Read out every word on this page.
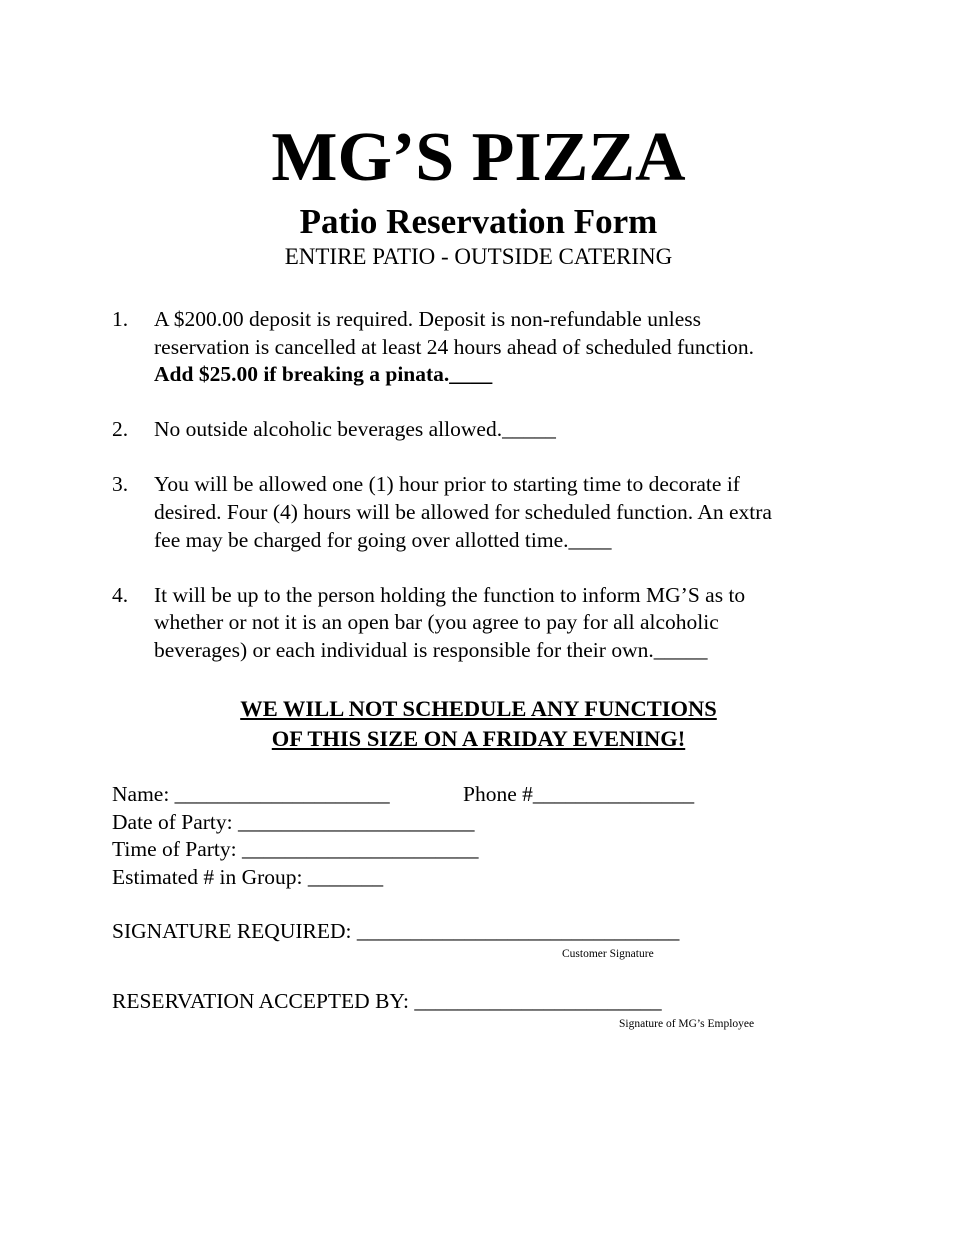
MG’S PIZZA
Patio Reservation Form
ENTIRE PATIO - OUTSIDE CATERING
1. A $200.00 deposit is required. Deposit is non-refundable unless
reservation is cancelled at least 24 hours ahead of scheduled function.
Add $25.00 if breaking a pinata.____
2. No outside alcoholic beverages allowed._____
3. You will be allowed one (1) hour prior to starting time to decorate if
desired. Four (4) hours will be allowed for scheduled function. An extra
fee may be charged for going over allotted time.____
4. It will be up to the person holding the function to inform MG’S as to
whether or not it is an open bar (you agree to pay for all alcoholic
beverages) or each individual is responsible for their own._____
WE WILL NOT SCHEDULE ANY FUNCTIONS
OF THIS SIZE ON A FRIDAY EVENING!
Name: ____________________	Phone #_______________
Date of Party: ______________________
Time of Party: ______________________
Estimated # in Group: _______
SIGNATURE REQUIRED: ______________________________
Customer Signature
RESERVATION ACCEPTED BY: _______________________
Signature of MG’s Employee
